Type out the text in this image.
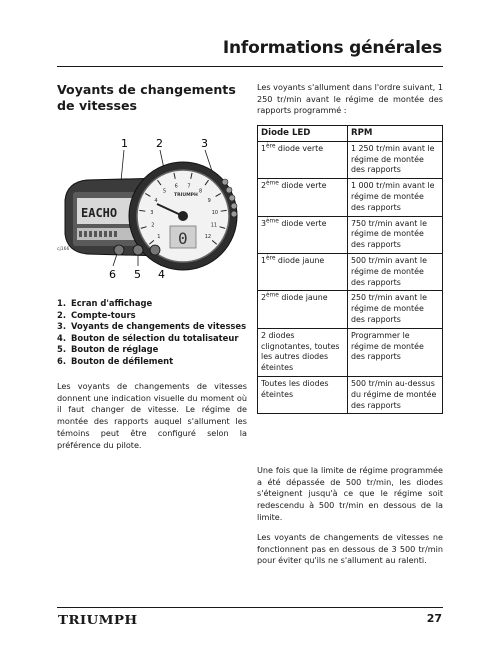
Informations générales
Voyants de changements de vitesses
1	2	3
4
5
6
EACHO
1
2
3
4
5
6 7
8
9
10
11
12
TRIUMPH
0
cj166
1. Ecran d'affichage
2. Compte-tours
3. Voyants de changements de vitesses
4. Bouton de sélection du totalisateur
5. Bouton de réglage
6. Bouton de défilement

Les voyants de changements de vitesses donnent une indication visuelle du moment où il faut changer de vitesse. Le régime de montée des rapports auquel s'allument les témoins peut être configuré selon la préférence du pilote.

Les voyants s'allument dans l'ordre suivant, 1 250 tr/min avant le régime de montée des rapports programmé :

Diode LED	RPM
1ère diode verte	1 250 tr/min avant le régime de montée des rapports
2ème diode verte	1 000 tr/min avant le régime de montée des rapports
3ème diode verte	750 tr/min avant le régime de montée des rapports
1ère diode jaune	500 tr/min avant le régime de montée des rapports
2ème diode jaune	250 tr/min avant le régime de montée des rapports
2 diodes clignotantes, toutes les autres diodes éteintes	Programmer le régime de montée des rapports
Toutes les diodes éteintes	500 tr/min au-dessus du régime de montée des rapports

Une fois que la limite de régime programmée a été dépassée de 500 tr/min, les diodes s'éteignent jusqu'à ce que le régime soit redescendu à 500 tr/min en dessous de la limite.

Les voyants de changements de vitesses ne fonctionnent pas en dessous de 3 500 tr/min pour éviter qu'ils ne s'allument au ralenti.

TRIUMPH	27
